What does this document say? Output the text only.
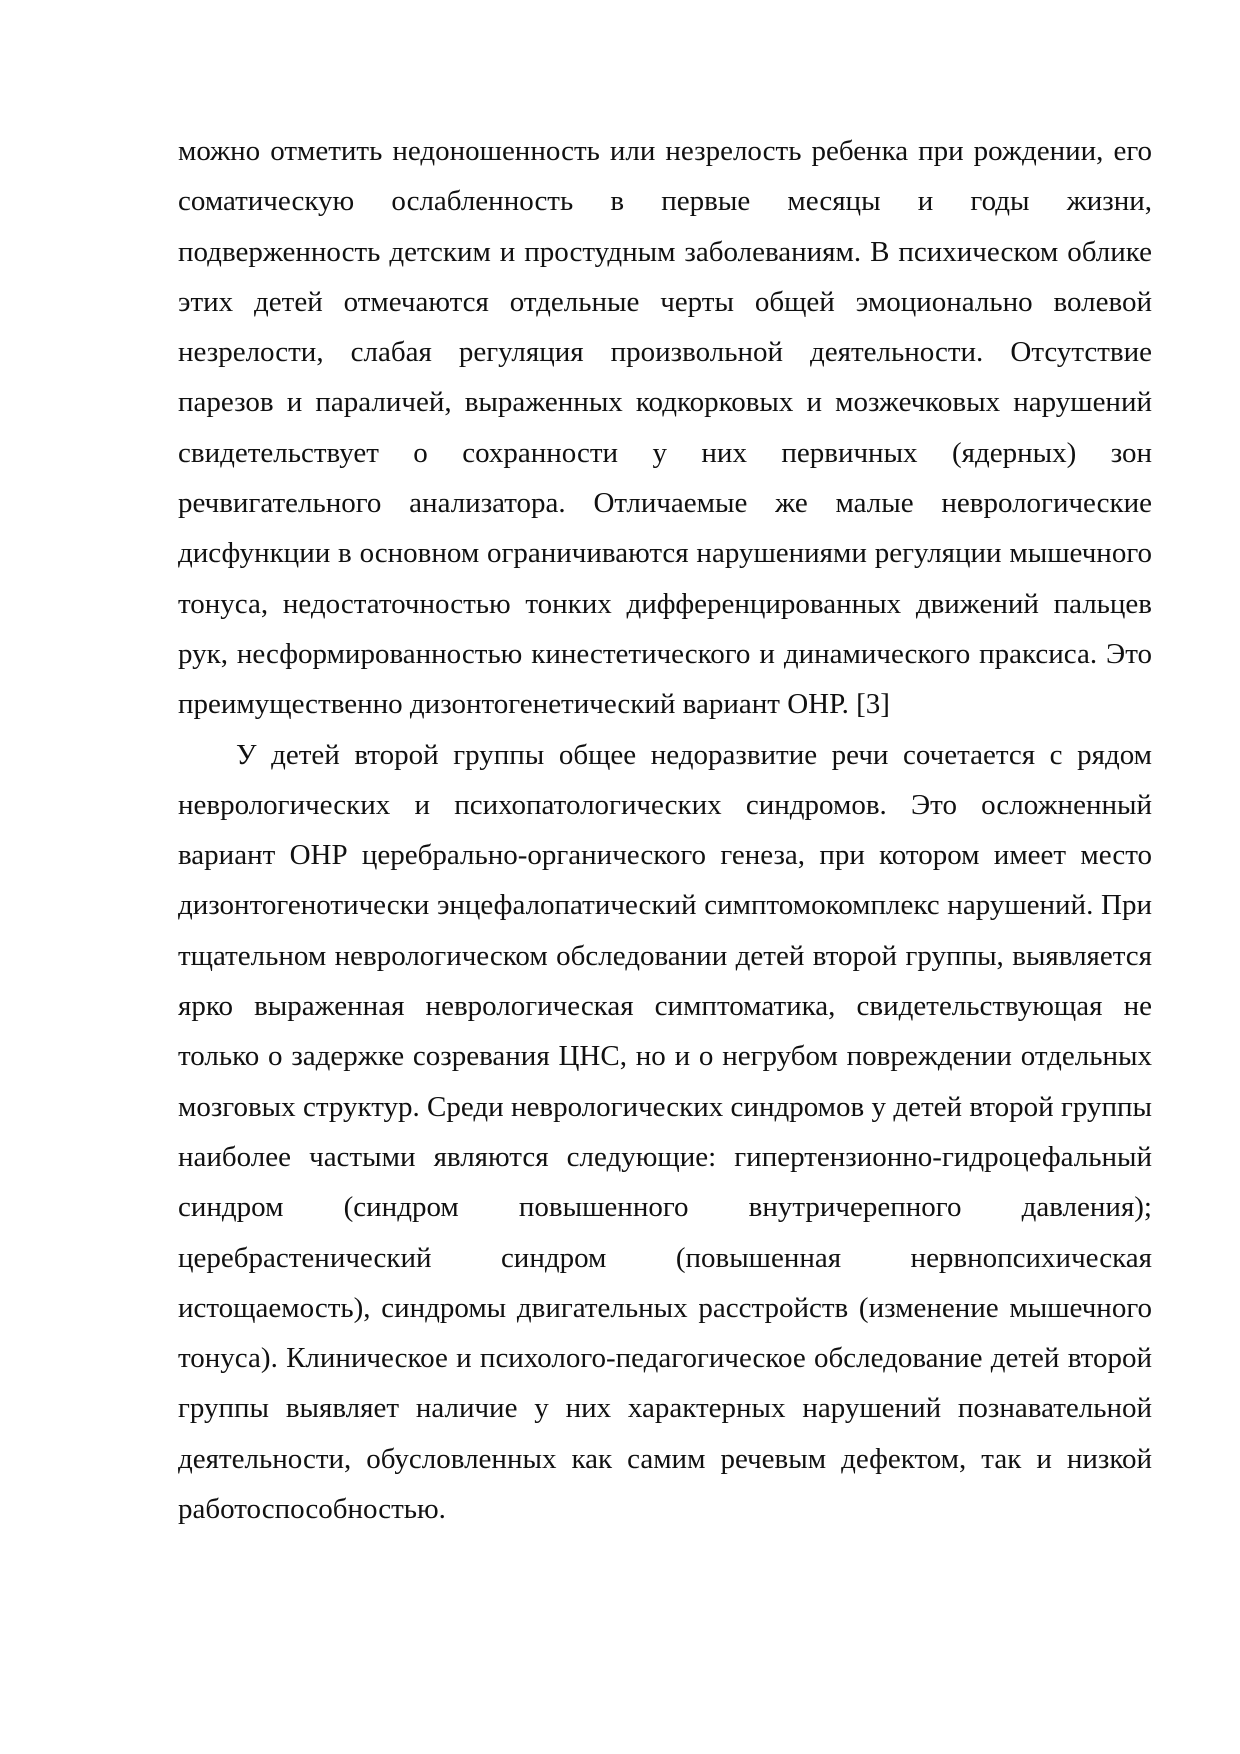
можно отметить недоношенность или незрелость ребенка при рождении, его соматическую ослабленность в первые месяцы и годы жизни, подверженность детским и простудным заболеваниям. В психическом облике этих детей отмечаются отдельные черты общей эмоционально волевой незрелости, слабая регуляция произвольной деятельности. Отсутствие парезов и параличей, выраженных кодкорковых и мозжечковых нарушений свидетельствует о сохранности у них первичных (ядерных) зон речвигательного анализатора. Отличаемые же малые неврологические дисфункции в основном ограничиваются нарушениями регуляции мышечного тонуса, недостаточностью тонких дифференцированных движений пальцев рук, несформированностью кинестетического и динамического праксиса. Это преимущественно дизонтогенетический вариант ОНР. [3]

У детей второй группы общее недоразвитие речи сочетается с рядом неврологических и психопатологических синдромов. Это осложненный вариант ОНР церебрально-органического генеза, при котором имеет место дизонтогенотически энцефалопатический симптомокомплекс нарушений. При тщательном неврологическом обследовании детей второй группы, выявляется ярко выраженная неврологическая симптоматика, свидетельствующая не только о задержке созревания ЦНС, но и о негрубом повреждении отдельных мозговых структур. Среди неврологических синдромов у детей второй группы наиболее частыми являются следующие: гипертензионно-гидроцефальный синдром (синдром повышенного внутричерепного давления); церебрастенический синдром (повышенная нервнопсихическая истощаемость), синдромы двигательных расстройств (изменение мышечного тонуса). Клиническое и психолого-педагогическое обследование детей второй группы выявляет наличие у них характерных нарушений познавательной деятельности, обусловленных как самим речевым дефектом, так и низкой работоспособностью.
